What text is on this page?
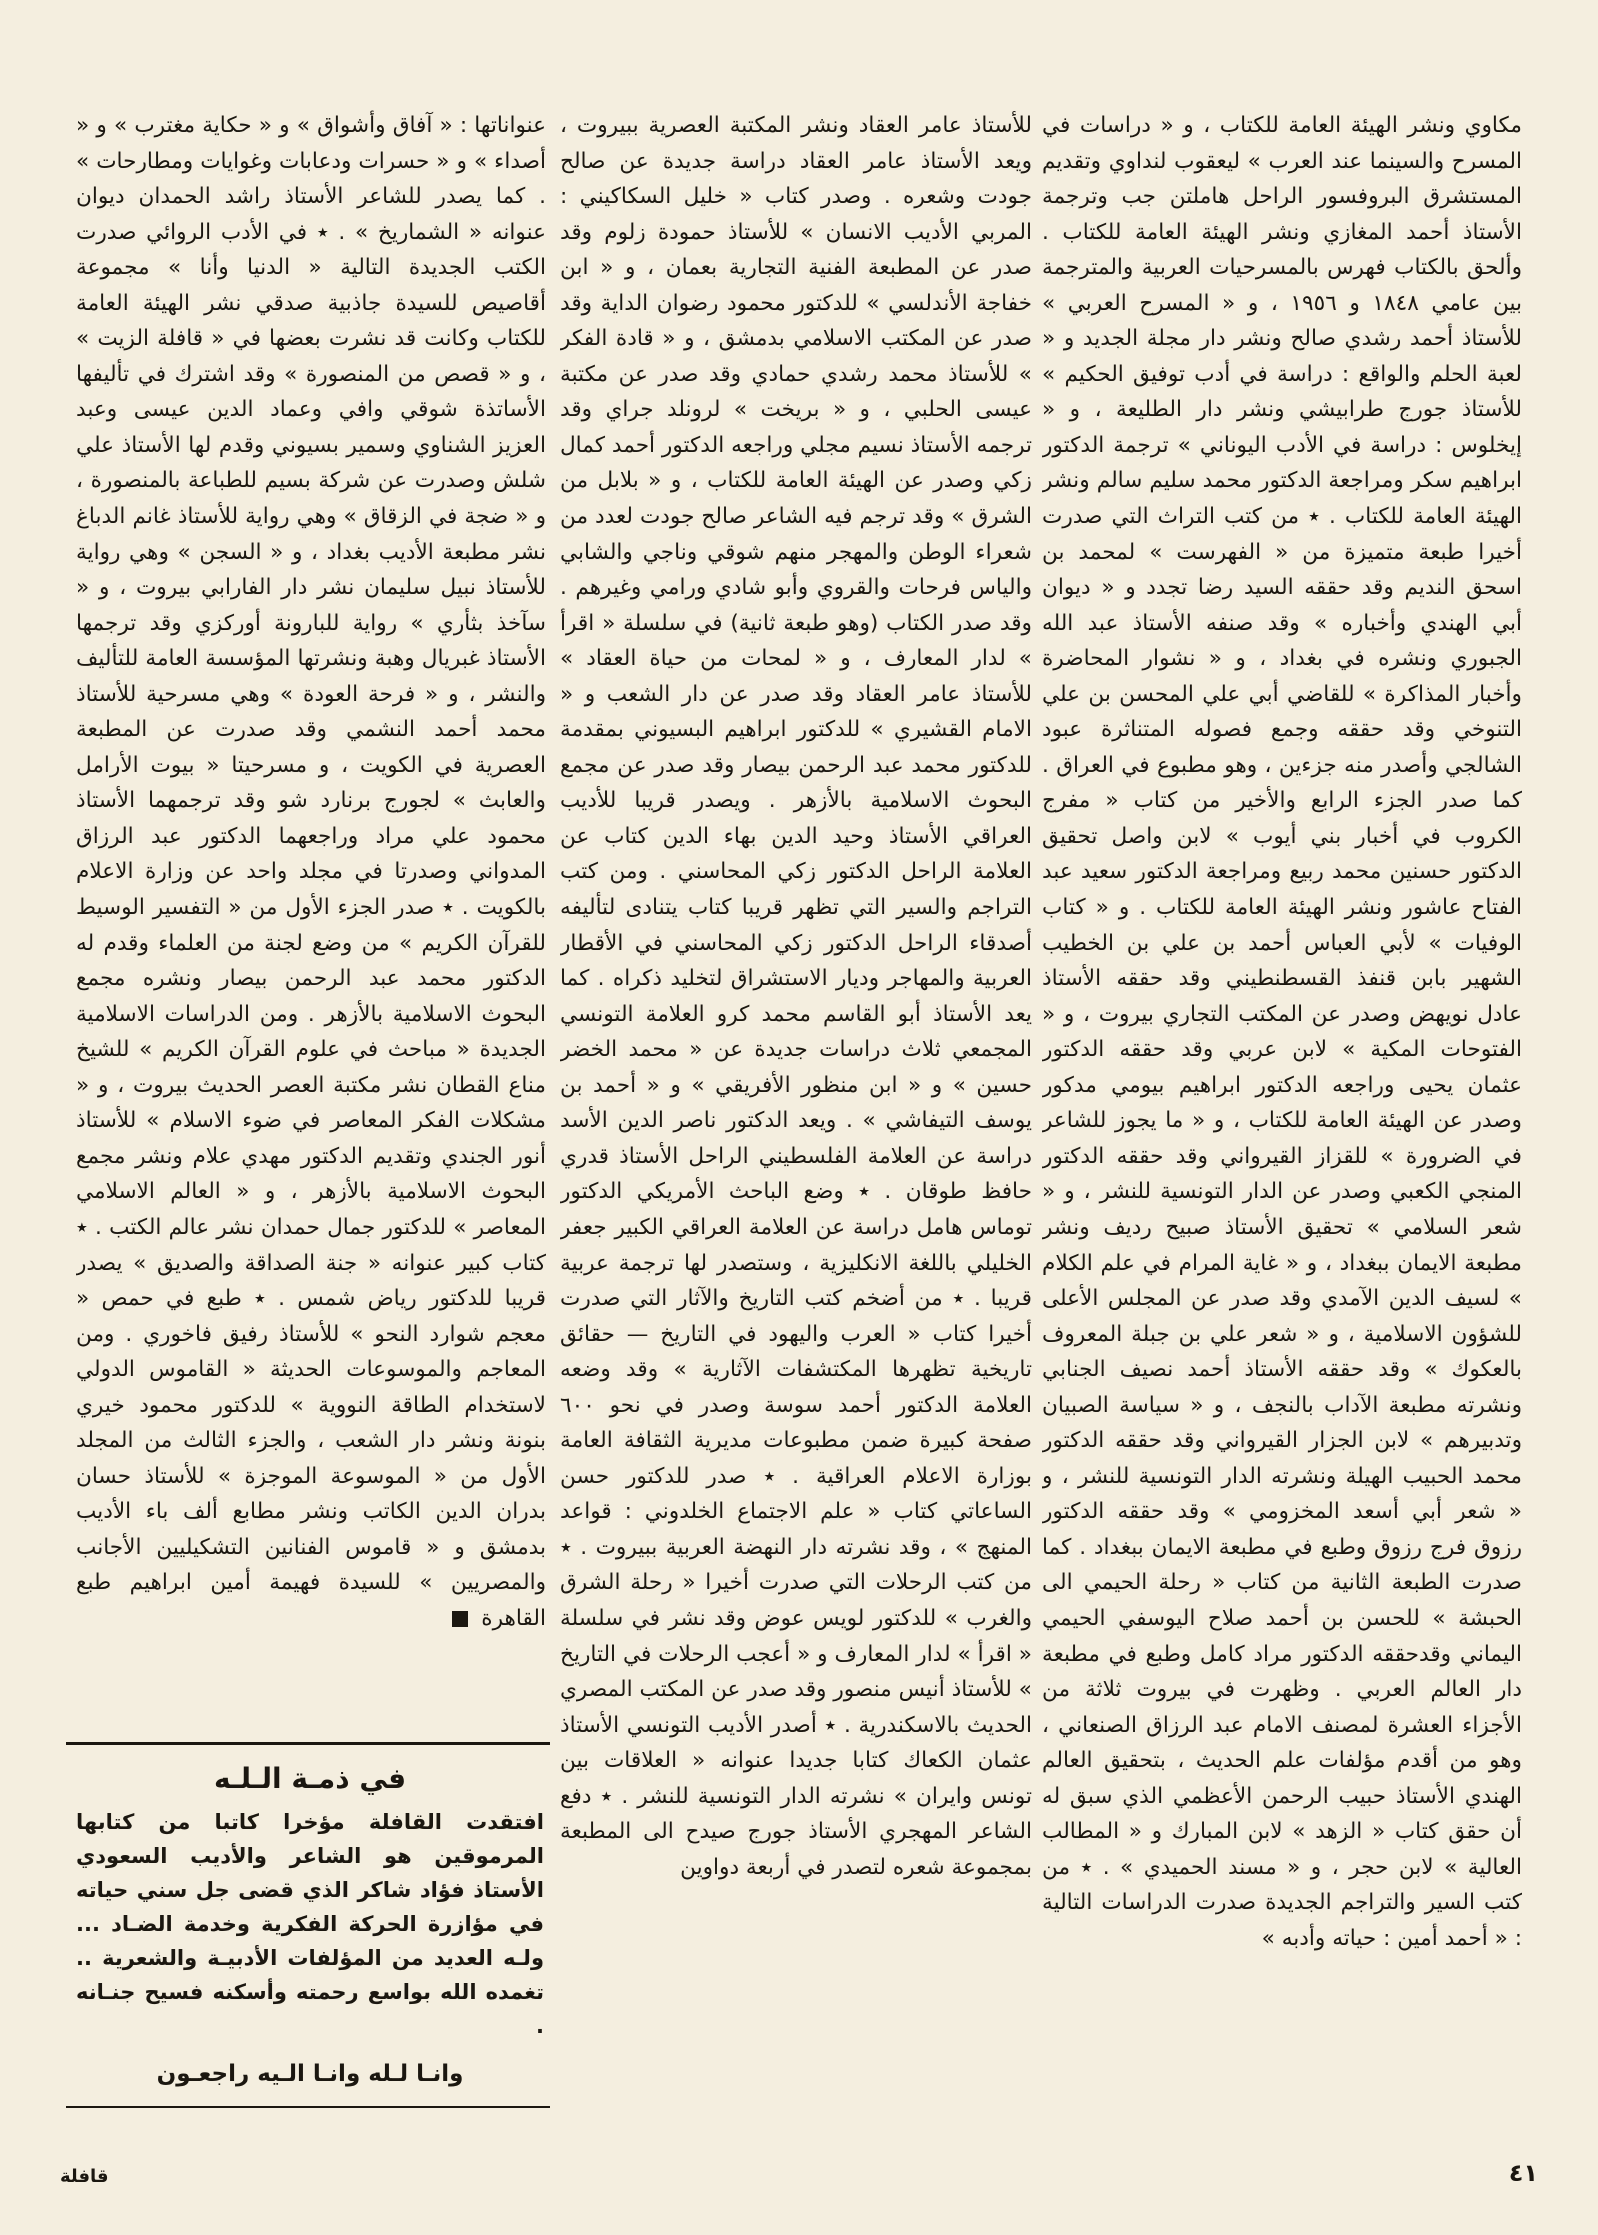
مكاوي ونشر الهيئة العامة للكتاب ، و « دراسات في المسرح والسينما عند العرب » ليعقوب لنداوي وتقديم المستشرق البروفسور الراحل هاملتن جب وترجمة الأستاذ أحمد المغازي ونشر الهيئة العامة للكتاب . وألحق بالكتاب فهرس بالمسرحيات العربية والمترجمة بين عامي ١٨٤٨ و ١٩٥٦ ، و « المسرح العربي » للأستاذ أحمد رشدي صالح ونشر دار مجلة الجديد و « لعبة الحلم والواقع : دراسة في أدب توفيق الحكيم » للأستاذ جورج طرابيشي ونشر دار الطليعة ، و « إيخلوس : دراسة في الأدب اليوناني » ترجمة الدكتور ابراهيم سكر ومراجعة الدكتور محمد سليم سالم ونشر الهيئة العامة للكتاب . ٭ من كتب التراث التي صدرت أخيرا طبعة متميزة من « الفهرست » لمحمد بن اسحق النديم وقد حققه السيد رضا تجدد و « ديوان أبي الهندي وأخباره » وقد صنفه الأستاذ عبد الله الجبوري ونشره في بغداد ، و « نشوار المحاضرة وأخبار المذاكرة » للقاضي أبي علي المحسن بن علي التنوخي وقد حققه وجمع فصوله المتناثرة عبود الشالجي وأصدر منه جزءين ، وهو مطبوع في العراق . كما صدر الجزء الرابع والأخير من كتاب « مفرج الكروب في أخبار بني أيوب » لابن واصل تحقيق الدكتور حسنين محمد ربيع ومراجعة الدكتور سعيد عبد الفتاح عاشور ونشر الهيئة العامة للكتاب . و « كتاب الوفيات » لأبي العباس أحمد بن علي بن الخطيب الشهير بابن قنفذ القسطنطيني وقد حققه الأستاذ عادل نويهض وصدر عن المكتب التجاري بيروت ، و « الفتوحات المكية » لابن عربي وقد حققه الدكتور عثمان يحيى وراجعه الدكتور ابراهيم بيومي مدكور وصدر عن الهيئة العامة للكتاب ، و « ما يجوز للشاعر في الضرورة » للقزاز القيرواني وقد حققه الدكتور المنجي الكعبي وصدر عن الدار التونسية للنشر ، و « شعر السلامي » تحقيق الأستاذ صبيح رديف ونشر مطبعة الايمان ببغداد ، و « غاية المرام في علم الكلام » لسيف الدين الآمدي وقد صدر عن المجلس الأعلى للشؤون الاسلامية ، و « شعر علي بن جبلة المعروف بالعكوك » وقد حققه الأستاذ أحمد نصيف الجنابي ونشرته مطبعة الآداب بالنجف ، و « سياسة الصبيان وتدبيرهم » لابن الجزار القيرواني وقد حققه الدكتور محمد الحبيب الهيلة ونشرته الدار التونسية للنشر ، و « شعر أبي أسعد المخزومي » وقد حققه الدكتور رزوق فرج رزوق وطبع في مطبعة الايمان ببغداد . كما صدرت الطبعة الثانية من كتاب « رحلة الحيمي الى الحبشة » للحسن بن أحمد صلاح اليوسفي الحيمي اليماني وقدحققه الدكتور مراد كامل وطبع في مطبعة دار العالم العربي . وظهرت في بيروت ثلاثة من الأجزاء العشرة لمصنف الامام عبد الرزاق الصنعاني ، وهو من أقدم مؤلفات علم الحديث ، بتحقيق العالم الهندي الأستاذ حبيب الرحمن الأعظمي الذي سبق له أن حقق كتاب « الزهد » لابن المبارك و « المطالب العالية » لابن حجر ، و « مسند الحميدي » . ٭ من كتب السير والتراجم الجديدة صدرت الدراسات التالية : « أحمد أمين : حياته وأدبه »

للأستاذ عامر العقاد ونشر المكتبة العصرية ببيروت ، ويعد الأستاذ عامر العقاد دراسة جديدة عن صالح جودت وشعره . وصدر كتاب « خليل السكاكيني : المربي الأديب الانسان » للأستاذ حمودة زلوم وقد صدر عن المطبعة الفنية التجارية بعمان ، و « ابن خفاجة الأندلسي » للدكتور محمود رضوان الداية وقد صدر عن المكتب الاسلامي بدمشق ، و « قادة الفكر » للأستاذ محمد رشدي حمادي وقد صدر عن مكتبة عيسى الحلبي ، و « بريخت » لرونلد جراي وقد ترجمه الأستاذ نسيم مجلي وراجعه الدكتور أحمد كمال زكي وصدر عن الهيئة العامة للكتاب ، و « بلابل من الشرق » وقد ترجم فيه الشاعر صالح جودت لعدد من شعراء الوطن والمهجر منهم شوقي وناجي والشابي والياس فرحات والقروي وأبو شادي ورامي وغيرهم . وقد صدر الكتاب (وهو طبعة ثانية) في سلسلة « اقرأ » لدار المعارف ، و « لمحات من حياة العقاد » للأستاذ عامر العقاد وقد صدر عن دار الشعب و « الامام القشيري » للدكتور ابراهيم البسيوني بمقدمة للدكتور محمد عبد الرحمن بيصار وقد صدر عن مجمع البحوث الاسلامية بالأزهر . ويصدر قريبا للأديب العراقي الأستاذ وحيد الدين بهاء الدين كتاب عن العلامة الراحل الدكتور زكي المحاسني . ومن كتب التراجم والسير التي تظهر قريبا كتاب يتنادى لتأليفه أصدقاء الراحل الدكتور زكي المحاسني في الأقطار العربية والمهاجر وديار الاستشراق لتخليد ذكراه . كما يعد الأستاذ أبو القاسم محمد كرو العلامة التونسي المجمعي ثلاث دراسات جديدة عن « محمد الخضر حسين » و « ابن منظور الأفريقي » و « أحمد بن يوسف التيفاشي » . ويعد الدكتور ناصر الدين الأسد دراسة عن العلامة الفلسطيني الراحل الأستاذ قدري حافظ طوقان . ٭ وضع الباحث الأمريكي الدكتور توماس هامل دراسة عن العلامة العراقي الكبير جعفر الخليلي باللغة الانكليزية ، وستصدر لها ترجمة عربية قريبا . ٭ من أضخم كتب التاريخ والآثار التي صدرت أخيرا كتاب « العرب واليهود في التاريخ — حقائق تاريخية تظهرها المكتشفات الآثارية » وقد وضعه العلامة الدكتور أحمد سوسة وصدر في نحو ٦٠٠ صفحة كبيرة ضمن مطبوعات مديرية الثقافة العامة بوزارة الاعلام العراقية . ٭ صدر للدكتور حسن الساعاتي كتاب « علم الاجتماع الخلدوني : قواعد المنهج » ، وقد نشرته دار النهضة العربية ببيروت . ٭ من كتب الرحلات التي صدرت أخيرا « رحلة الشرق والغرب » للدكتور لويس عوض وقد نشر في سلسلة « اقرأ » لدار المعارف و « أعجب الرحلات في التاريخ » للأستاذ أنيس منصور وقد صدر عن المكتب المصري الحديث بالاسكندرية . ٭ أصدر الأديب التونسي الأستاذ عثمان الكعاك كتابا جديدا عنوانه « العلاقات بين تونس وايران » نشرته الدار التونسية للنشر . ٭ دفع الشاعر المهجري الأستاذ جورج صيدح الى المطبعة بمجموعة شعره لتصدر في أربعة دواوين

عنواناتها : « آفاق وأشواق » و « حكاية مغترب » و « أصداء » و « حسرات ودعابات وغوايات ومطارحات » . كما يصدر للشاعر الأستاذ راشد الحمدان ديوان عنوانه « الشماريخ » . ٭ في الأدب الروائي صدرت الكتب الجديدة التالية « الدنيا وأنا » مجموعة أقاصيص للسيدة جاذبية صدقي نشر الهيئة العامة للكتاب وكانت قد نشرت بعضها في « قافلة الزيت » ، و « قصص من المنصورة » وقد اشترك في تأليفها الأساتذة شوقي وافي وعماد الدين عيسى وعبد العزيز الشناوي وسمير بسيوني وقدم لها الأستاذ علي شلش وصدرت عن شركة بسيم للطباعة بالمنصورة ، و « ضجة في الزقاق » وهي رواية للأستاذ غانم الدباغ نشر مطبعة الأديب بغداد ، و « السجن » وهي رواية للأستاذ نبيل سليمان نشر دار الفارابي بيروت ، و « سآخذ بثأري » رواية للبارونة أوركزي وقد ترجمها الأستاذ غبريال وهبة ونشرتها المؤسسة العامة للتأليف والنشر ، و « فرحة العودة » وهي مسرحية للأستاذ محمد أحمد النشمي وقد صدرت عن المطبعة العصرية في الكويت ، و مسرحيتا « بيوت الأرامل والعابث » لجورج برنارد شو وقد ترجمهما الأستاذ محمود علي مراد وراجعهما الدكتور عبد الرزاق المدواني وصدرتا في مجلد واحد عن وزارة الاعلام بالكويت . ٭ صدر الجزء الأول من « التفسير الوسيط للقرآن الكريم » من وضع لجنة من العلماء وقدم له الدكتور محمد عبد الرحمن بيصار ونشره مجمع البحوث الاسلامية بالأزهر . ومن الدراسات الاسلامية الجديدة « مباحث في علوم القرآن الكريم » للشيخ مناع القطان نشر مكتبة العصر الحديث بيروت ، و « مشكلات الفكر المعاصر في ضوء الاسلام » للأستاذ أنور الجندي وتقديم الدكتور مهدي علام ونشر مجمع البحوث الاسلامية بالأزهر ، و « العالم الاسلامي المعاصر » للدكتور جمال حمدان نشر عالم الكتب . ٭ كتاب كبير عنوانه « جنة الصداقة والصديق » يصدر قريبا للدكتور رياض شمس . ٭ طبع في حمص « معجم شوارد النحو » للأستاذ رفيق فاخوري . ومن المعاجم والموسوعات الحديثة « القاموس الدولي لاستخدام الطاقة النووية » للدكتور محمود خيري بنونة ونشر دار الشعب ، والجزء الثالث من المجلد الأول من « الموسوعة الموجزة » للأستاذ حسان بدران الدين الكاتب ونشر مطابع ألف باء الأديب بدمشق و « قاموس الفنانين التشكيليين الأجانب والمصريين » للسيدة فهيمة أمين ابراهيم طبع القاهرة

في ذمـة الـلـه

افتقدت القافلة مؤخرا كاتبا من كتابها المرموقين هو الشاعر والأديب السعودي الأستاذ فؤاد شاكر الذي قضى جل سني حياته في مؤازرة الحركة الفكرية وخدمة الضـاد ... ولـه العديد من المؤلفات الأدبيـة والشعرية .. تغمده الله بواسع رحمته وأسكنه فسيح جنـانه .

وانـا لـله وانـا الـيه راجعـون
٤١
قافلة
